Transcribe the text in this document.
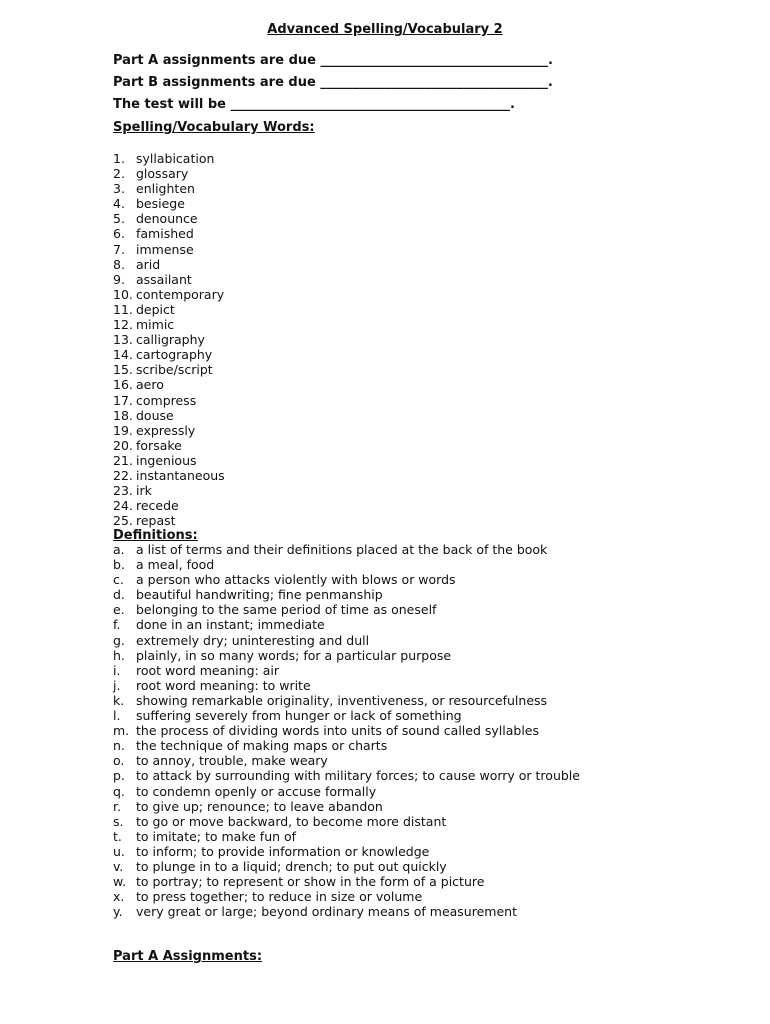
Advanced Spelling/Vocabulary 2
Part A assignments are due ___________________________________.
Part B assignments are due ___________________________________.
The test will be ___________________________________________.
Spelling/Vocabulary Words:
1. syllabication
2. glossary
3. enlighten
4. besiege
5. denounce
6. famished
7. immense
8. arid
9. assailant
10. contemporary
11. depict
12. mimic
13. calligraphy
14. cartography
15. scribe/script
16. aero
17. compress
18. douse
19. expressly
20. forsake
21. ingenious
22. instantaneous
23. irk
24. recede
25. repast
Definitions:
a. a list of terms and their definitions placed at the back of the book
b. a meal, food
c. a person who attacks violently with blows or words
d. beautiful handwriting; fine penmanship
e. belonging to the same period of time as oneself
f. done in an instant; immediate
g. extremely dry; uninteresting and dull
h. plainly, in so many words; for a particular purpose
i. root word meaning: air
j. root word meaning: to write
k. showing remarkable originality, inventiveness, or resourcefulness
l. suffering severely from hunger or lack of something
m. the process of dividing words into units of sound called syllables
n. the technique of making maps or charts
o. to annoy, trouble, make weary
p. to attack by surrounding with military forces; to cause worry or trouble
q. to condemn openly or accuse formally
r. to give up; renounce; to leave abandon
s. to go or move backward, to become more distant
t. to imitate; to make fun of
u. to inform; to provide information or knowledge
v. to plunge in to a liquid; drench; to put out quickly
w. to portray; to represent or show in the form of a picture
x. to press together; to reduce in size or volume
y. very great or large; beyond ordinary means of measurement
Part A Assignments:
